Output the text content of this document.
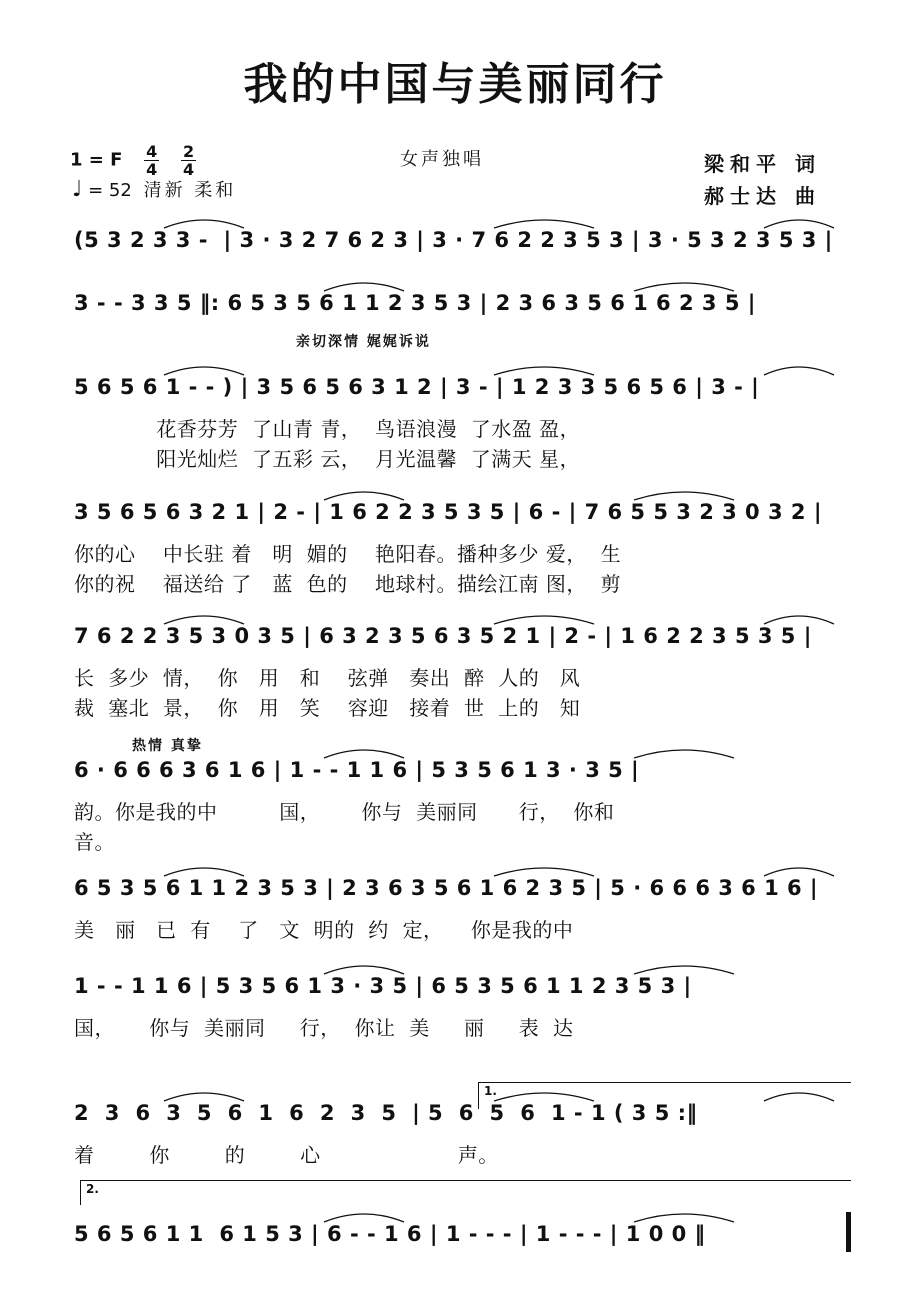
我的中国与美丽同行
1 = F $\frac{4}{4}$
$\frac{2}{4}$
♩ = 52 清新 柔和
女声独唱	梁和平 词
郝士达 曲
(5 3 2 3 3 -  | 3 · 3 2 7 6 2 3 | 3 · 7 6 2 2 3 5 3 | 3 · 5 3 2 3 5 3 |
3 - - 3 3 5 ‖: 6 5 3 5 6 1 1 2 3 5 3 | 2 3 6 3 5 6 1 6 2 3 5 |
5 6 5 6 1 - - ) | 3 5 6 5 6 3 1 2 | 3 - | 1 2 3 3 5 6 5 6 | 3 - |
花香芬芳  了山青 青，  鸟语浪漫  了水盈 盈，
阳光灿烂  了五彩 云，  月光温馨  了满天 星，
3 5 6 5 6 3 2 1 | 2 - | 1 6 2 2 3 5 3 5 | 6 - | 7 6 5 5 3 2 3 0 3 2 |
你的心    中长驻 着   明  媚的    艳阳春。播种多少 爱，  生
你的祝    福送给 了   蓝  色的    地球村。描绘江南 图，  剪
7 6 2 2 3 5 3 0 3 5 | 6 3 2 3 5 6 3 5 2 1 | 2 - | 1 6 2 2 3 5 3 5 |
长  多少  情，  你   用   和    弦弹   奏出  醉  人的   风
裁  塞北  景，  你   用   笑    容迎   接着  世  上的   知
6 · 6 6 6 3 6 1 6 | 1 - - 1 1 6 | 5 3 5 6 1 3 · 3 5 |
韵。你是我的中         国，      你与  美丽同      行，  你和
音。
6 5 3 5 6 1 1 2 3 5 3 | 2 3 6 3 5 6 1 6 2 3 5 | 5 · 6 6 6 3 6 1 6 |
美   丽   已  有    了   文  明的  约  定，    你是我的中
1 - - 1 1 6 | 5 3 5 6 1 3 · 3 5 | 6 5 3 5 6 1 1 2 3 5 3 |
国，     你与  美丽同     行，  你让  美     丽     表  达
2  3  6  3  5  6  1  6  2  3  5  | 5  6  5  6  1 - 1 ( 3 5 :‖
着        你        的        心                    声。
5 6 5 6 1 1  6 1 5 3 | 6 - - 1 6 | 1 - - - | 1 - - - | 1 0 0 ‖
亲切深情 娓娓诉说
热情 真挚
1.
2.
